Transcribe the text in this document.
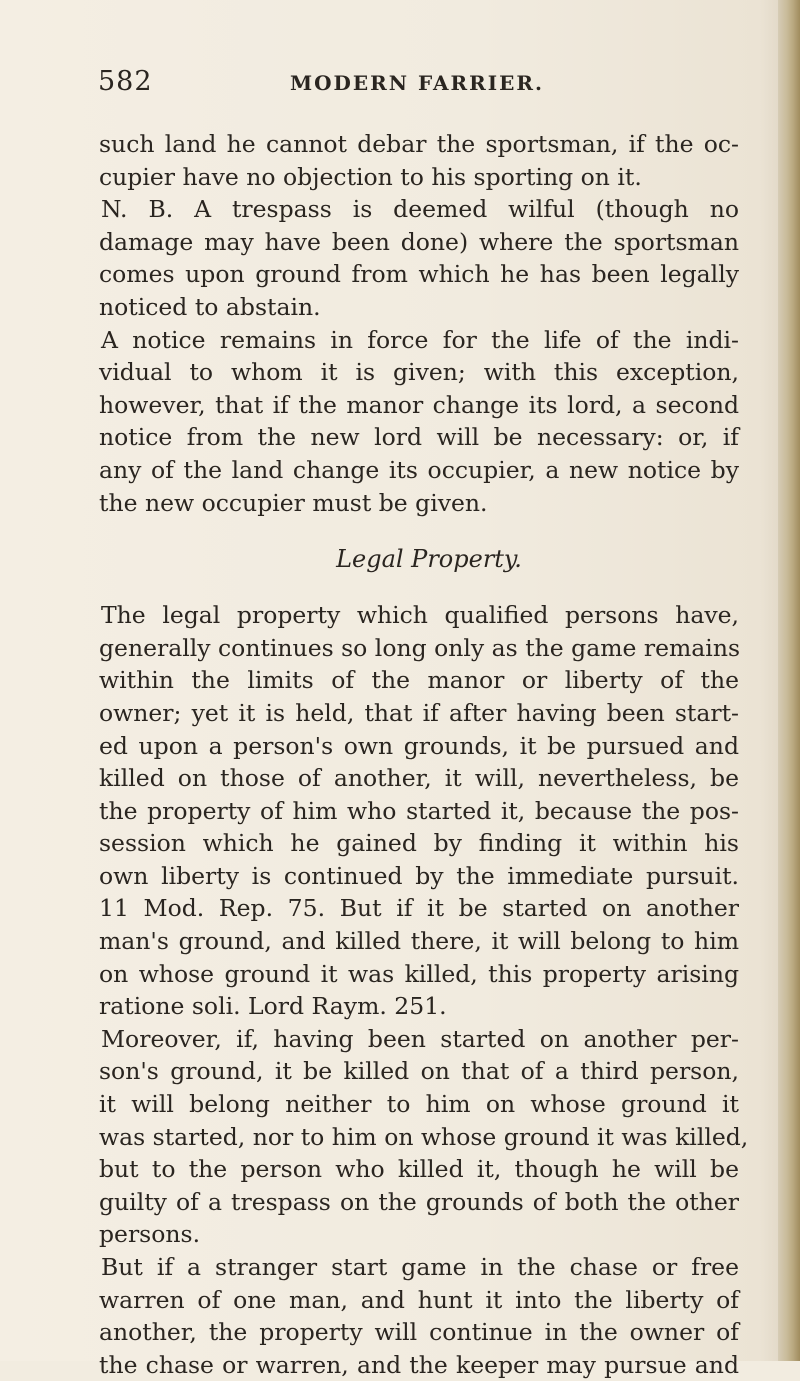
582	MODERN FARRIER.
such land he cannot debar the sportsman, if the oc-
cupier have no objection to his sporting on it.
N. B. A trespass is deemed wilful (though no
damage may have been done) where the sportsman
comes upon ground from which he has been legally
noticed to abstain.
A notice remains in force for the life of the indi-
vidual to whom it is given; with this exception,
however, that if the manor change its lord, a second
notice from the new lord will be necessary: or, if
any of the land change its occupier, a new notice by
the new occupier must be given.
Legal Property.
The legal property which qualified persons have,
generally continues so long only as the game remains
within the limits of the manor or liberty of the
owner; yet it is held, that if after having been start-
ed upon a person's own grounds, it be pursued and
killed on those of another, it will, nevertheless, be
the property of him who started it, because the pos-
session which he gained by finding it within his
own liberty is continued by the immediate pursuit.
11 Mod. Rep. 75. But if it be started on another
man's ground, and killed there, it will belong to him
on whose ground it was killed, this property arising
ratione soli. Lord Raym. 251.
Moreover, if, having been started on another per-
son's ground, it be killed on that of a third person,
it will belong neither to him on whose ground it
was started, nor to him on whose ground it was killed,
but to the person who killed it, though he will be
guilty of a trespass on the grounds of both the other
persons.
But if a stranger start game in the chase or free
warren of one man, and hunt it into the liberty of
another, the property will continue in the owner of
the chase or warren, and the keeper may pursue and
